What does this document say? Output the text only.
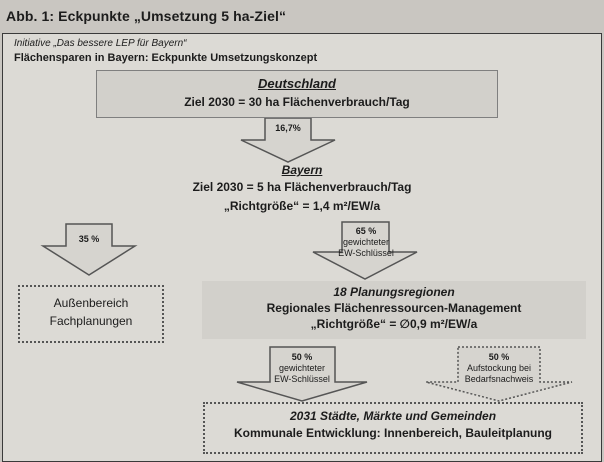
Abb. 1: Eckpunkte „Umsetzung 5 ha-Ziel“
Initiative „Das bessere LEP für Bayern“
Flächensparen in Bayern: Eckpunkte Umsetzungskonzept
16,7%
35 %
65 %
gewichteter
EW-Schlüssel
50 %
gewichteter
EW-Schlüssel
50 %
Aufstockung bei
Bedarfsnachweis
Deutschland
Ziel 2030 = 30 ha Flächenverbrauch/Tag
Bayern
Ziel 2030 = 5 ha Flächenverbrauch/Tag
„Richtgröße“ = 1,4 m²/EW/a
Außenbereich
Fachplanungen
18 Planungsregionen
Regionales Flächenressourcen-Management
„Richtgröße“ = ∅0,9 m²/EW/a
2031 Städte, Märkte und Gemeinden
Kommunale Entwicklung: Innenbereich, Bauleitplanung
